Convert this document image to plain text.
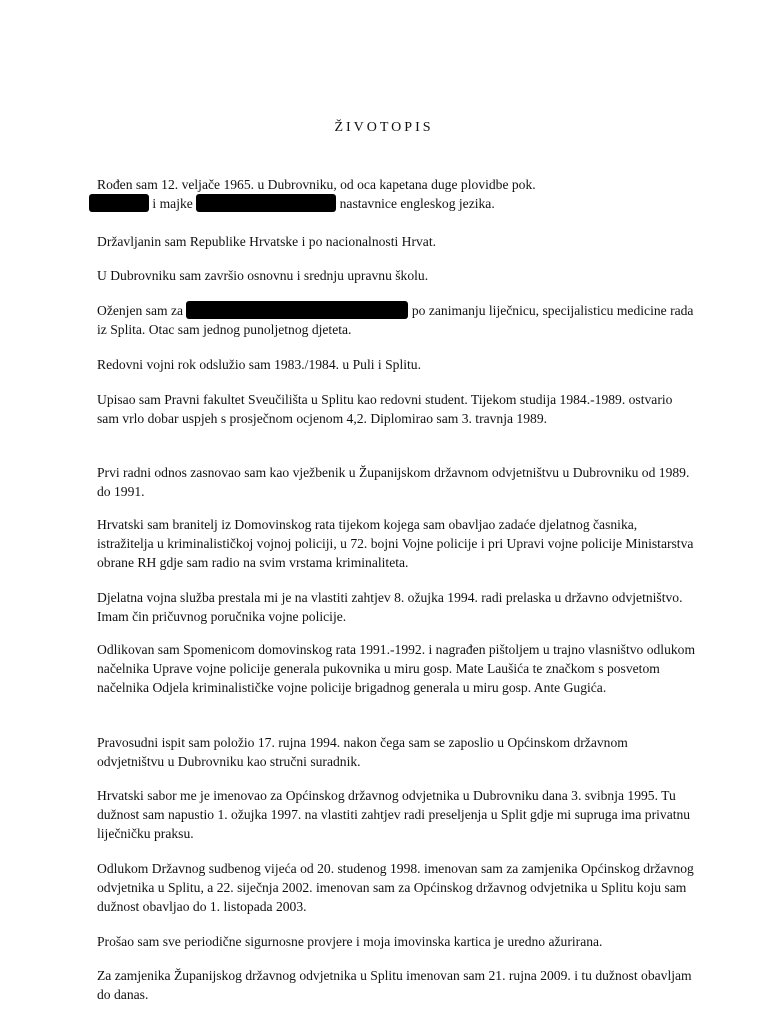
ŽIVOTOPIS

Rođen sam 12. veljače 1965. u Dubrovniku, od oca kapetana duge plovidbe pok.
i majke	nastavnice engleskog jezika.

Državljanin sam Republike Hrvatske i po nacionalnosti Hrvat.

U Dubrovniku sam završio osnovnu i srednju upravnu školu.

Oženjen sam za	po zanimanju liječnicu, specijalisticu medicine rada iz Splita. Otac sam jednog punoljetnog djeteta.

Redovni vojni rok odslužio sam 1983./1984. u Puli i Splitu.

Upisao sam Pravni fakultet Sveučilišta u Splitu kao redovni student. Tijekom studija 1984.-1989. ostvario sam vrlo dobar uspjeh s prosječnom ocjenom 4,2. Diplomirao sam 3. travnja 1989.

Prvi radni odnos zasnovao sam kao vježbenik u Županijskom državnom odvjetništvu u Dubrovniku od 1989. do 1991.

Hrvatski sam branitelj iz Domovinskog rata tijekom kojega sam obavljao zadaće djelatnog časnika, istražitelja u kriminalističkoj vojnoj policiji, u 72. bojni Vojne policije i pri Upravi vojne policije Ministarstva obrane RH gdje sam radio na svim vrstama kriminaliteta.

Djelatna vojna služba prestala mi je na vlastiti zahtjev 8. ožujka 1994. radi prelaska u državno odvjetništvo. Imam čin pričuvnog poručnika vojne policije.

Odlikovan sam Spomenicom domovinskog rata 1991.-1992. i nagrađen pištoljem u trajno vlasništvo odlukom načelnika Uprave vojne policije generala pukovnika u miru gosp. Mate Laušića te značkom s posvetom načelnika Odjela kriminalističke vojne policije brigadnog generala u miru gosp. Ante Gugića.

Pravosudni ispit sam položio 17. rujna 1994. nakon čega sam se zaposlio u Općinskom državnom odvjetništvu u Dubrovniku kao stručni suradnik.

Hrvatski sabor me je imenovao za Općinskog državnog odvjetnika u Dubrovniku dana 3. svibnja 1995. Tu dužnost sam napustio 1. ožujka 1997. na vlastiti zahtjev radi preseljenja u Split gdje mi supruga ima privatnu liječničku praksu.

Odlukom Državnog sudbenog vijeća od 20. studenog 1998. imenovan sam za zamjenika Općinskog državnog odvjetnika u Splitu, a 22. siječnja 2002. imenovan sam za Općinskog državnog odvjetnika u Splitu koju sam dužnost obavljao do 1. listopada 2003.

Prošao sam sve periodične sigurnosne provjere i moja imovinska kartica je uredno ažurirana.

Za zamjenika Županijskog državnog odvjetnika u Splitu imenovan sam 21. rujna 2009. i tu dužnost obavljam do danas.
